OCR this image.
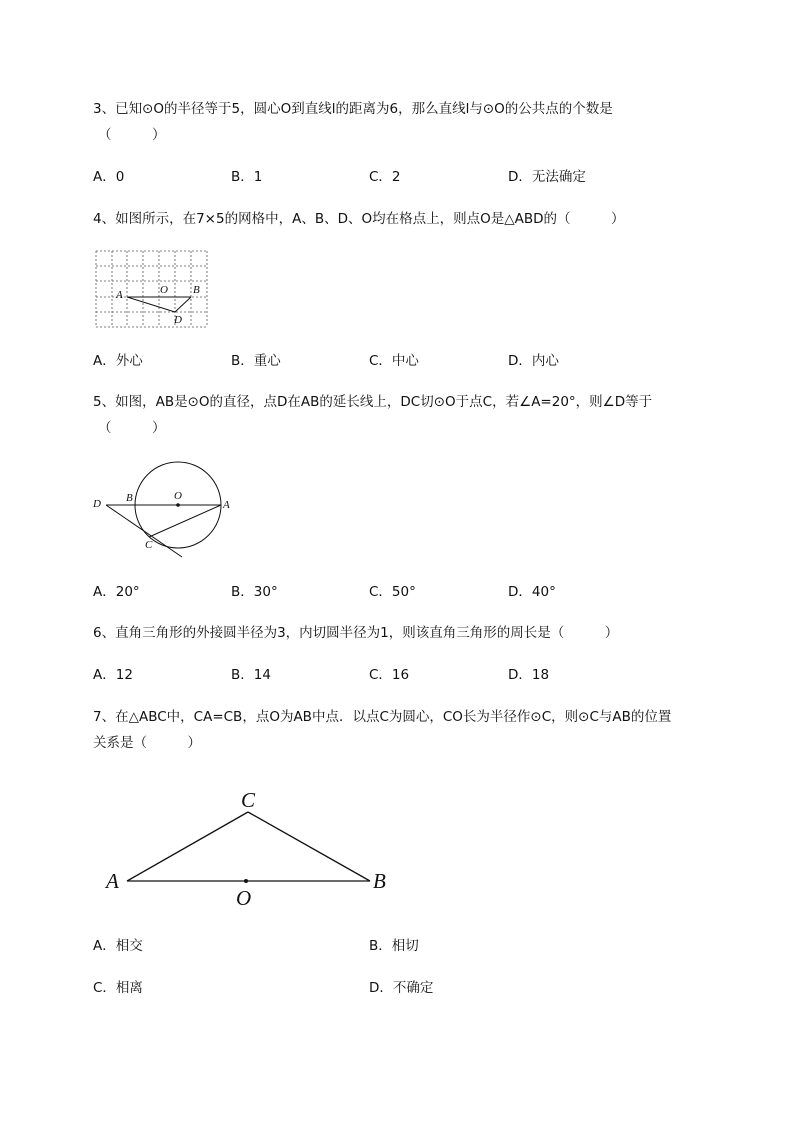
3、已知⊙O的半径等于5，圆心O到直线l的距离为6，那么直线l与⊙O的公共点的个数是
（　　　）
A．0	B．1	C．2	D．无法确定
4、如图所示，在7×5的网格中，A、B、D、O均在格点上，则点O是△ABD的（　　　）
A	O B
D
A．外心	B．重心	C．中心	D．内心
5、如图，AB是⊙O的直径，点D在AB的延长线上，DC切⊙O于点C，若∠A=20°，则∠D等于
（　　　）
D B	O
A
C
A．20°	B．30°	C．50°	D．40°
6、直角三角形的外接圆半径为3，内切圆半径为1，则该直角三角形的周长是（　　　）
A．12	B．14	C．16	D．18
7、在△ABC中，CA=CB，点O为AB中点．以点C为圆心，CO长为半径作⊙C，则⊙C与AB的位置
关系是（　　　）
C
A	B
O
A．相交	B．相切
C．相离	D．不确定
